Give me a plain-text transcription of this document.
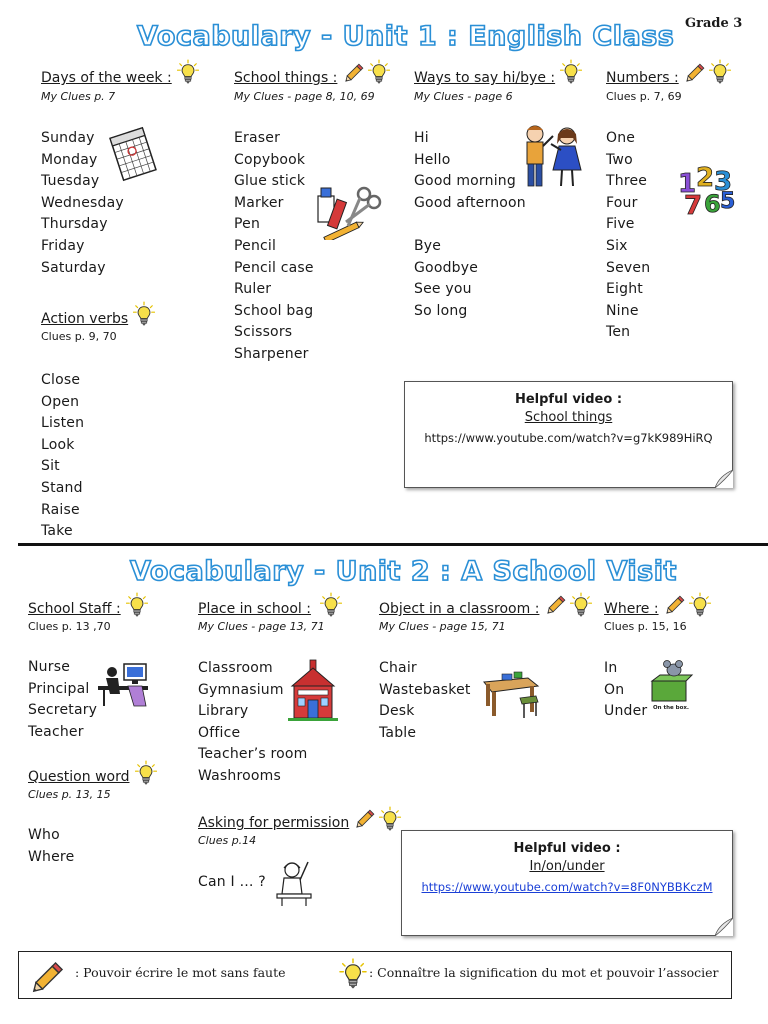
Grade 3
Vocabulary - Unit 1 : English Class
Days of the week :
My Clues p. 7
Sunday
Monday
Tuesday
Wednesday
Thursday
Friday
Saturday
Action verbs
Clues p. 9, 70
Close
Open
Listen
Look
Sit
Stand
Raise
Take
School things :
My Clues - page 8, 10, 69
Eraser
Copybook
Glue stick
Marker
Pen
Pencil
Pencil case
Ruler
School bag
Scissors
Sharpener
Ways to say hi/bye :
My Clues - page 6
Hi
Hello
Good morning
Good afternoon
Bye
Goodbye
See you
So long
Numbers :
Clues p. 7, 69
One
Two
Three
Four
Five
Six
Seven
Eight
Nine
Ten
1 2 3
7 6 5
Helpful video :
School things
https://www.youtube.com/watch?v=g7kK989HiRQ
Vocabulary - Unit 2 : A School Visit
School Staff :
Clues p. 13 ,70
Nurse
Principal
Secretary
Teacher
Question word
Clues p. 13, 15
Who
Where
Place in school :
My Clues - page 13, 71
Classroom
Gymnasium
Library
Office
Teacher’s room
Washrooms
Asking for permission
Clues p.14
Can I … ?
Object in a classroom :
My Clues - page 15, 71
Chair
Wastebasket
Desk
Table
Where :
Clues p. 15, 16
In
On
Under	On the box.
Helpful video :
In/on/under
https://www.youtube.com/watch?v=8F0NYBBKczM
: Pouvoir écrire le mot sans faute	: Connaître la signification du mot et pouvoir l’associer
